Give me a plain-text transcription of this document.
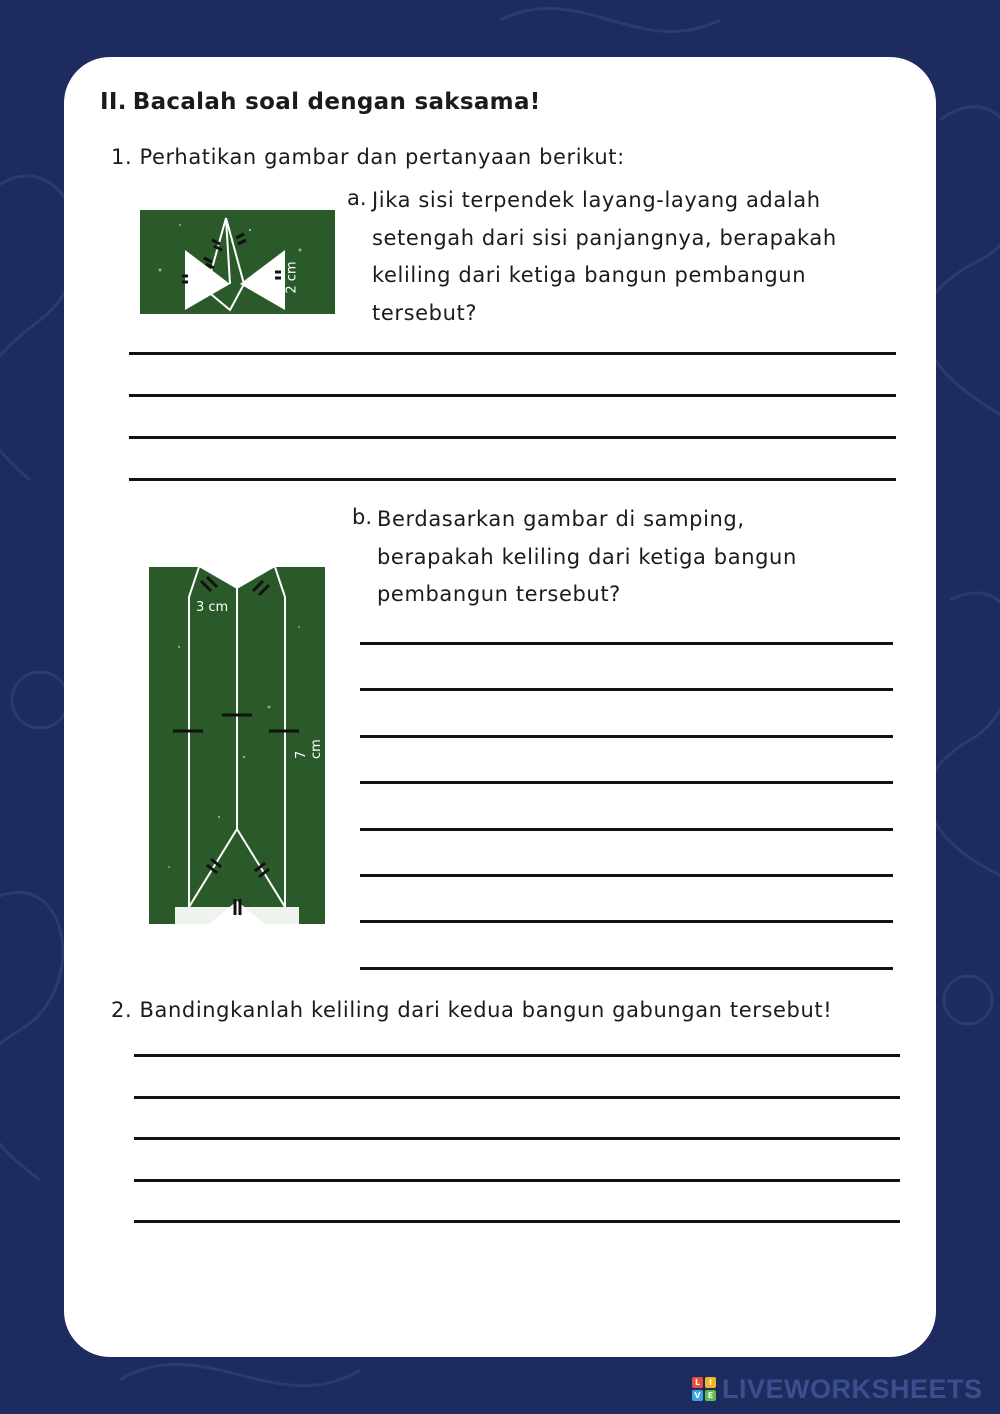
II. Bacalah soal dengan saksama!
1. Perhatikan gambar dan pertanyaan berikut:
2 cm
a. Jika sisi terpendek layang-layang adalah
setengah dari sisi panjangnya, berapakah
keliling dari ketiga bangun pembangun
tersebut?
3 cm
7 cm
b. Berdasarkan gambar di samping,
berapakah keliling dari ketiga bangun
pembangun tersebut?
2. Bandingkanlah keliling dari kedua bangun gabungan tersebut!
L	I
V E LIVEWORKSHEETS
